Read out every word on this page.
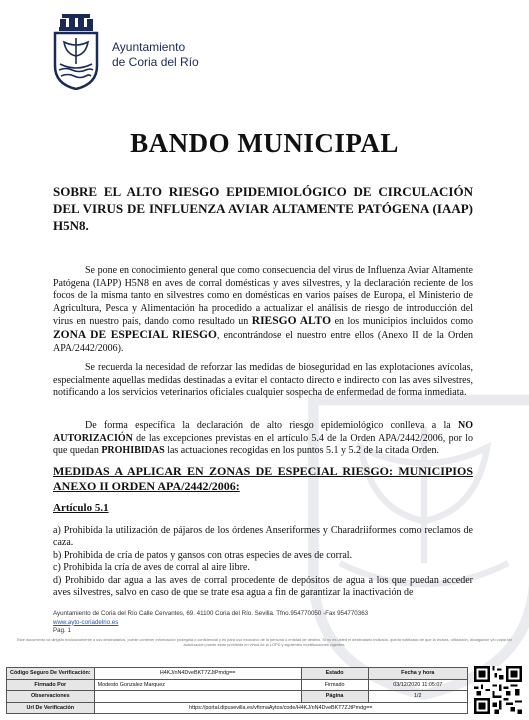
Ayuntamiento
de Coria del Río
BANDO MUNICIPAL
SOBRE EL ALTO RIESGO EPIDEMIOLÓGICO DE CIRCULACIÓN DEL VIRUS DE INFLUENZA AVIAR ALTAMENTE PATÓGENA (IAAP) H5N8.
Se pone en conocimiento general que como consecuencia del virus de Influenza Aviar Altamente Patógena (IAPP) H5N8 en aves de corral domésticas y aves silvestres, y la declaración reciente de los focos de la misma tanto en silvestres como en domésticas en varios países de Europa, el Ministerio de Agricultura, Pesca y Alimentación ha procedido a actualizar el análisis de riesgo de introducción del virus en nuestro país, dando como resultado un RIESGO ALTO en los municipios incluidos como ZONA DE ESPECIAL RIESGO, encontrándose el nuestro entre ellos (Anexo II de la Orden APA/2442/2006).
Se recuerda la necesidad de reforzar las medidas de bioseguridad en las explotaciones avícolas, especialmente aquellas medidas destinadas a evitar el contacto directo e indirecto con las aves silvestres, notificando a los servicios veterinarios oficiales cualquier sospecha de enfermedad de forma inmediata.
De forma específica la declaración de alto riesgo epidemiológico conlleva a la NO AUTORIZACIÓN de las excepciones previstas en el artículo 5.4 de la Orden APA/2442/2006, por lo que quedan PROHIBIDAS las actuaciones recogidas en los puntos 5.1 y 5.2 de la citada Orden.
MEDIDAS A APLICAR EN ZONAS DE ESPECIAL RIESGO: MUNICIPIOS ANEXO II ORDEN APA/2442/2006:
Artículo 5.1
a) Prohibida la utilización de pájaros de los órdenes Anseriformes y Charadriiformes como reclamos de caza.
b) Prohibida de cría de patos y gansos con otras especies de aves de corral.
c) Prohibida la cría de aves de corral al aire libre.
d) Prohibido dar agua a las aves de corral procedente de depósitos de agua a los que puedan acceder aves silvestres, salvo en caso de que se trate esa agua a fin de garantizar la inactivación de
Ayuntamiento de Coria del Río Calle Cervantes, 69. 41100 Coria del Río. Sevilla. Tfno.954770050 -Fax 954770363
www.ayto-coriadelrio.es
Pag. 1
Este documento va dirigido exclusivamente a sus destinatarios, puede contener información protegida o confidencial y es para uso exclusivo de la persona o entidad de destino. Si no es usted el destinatario indicado, queda notificado de que la lectura, utilización, divulgación y/o copia sin autorización puede estar prohibida en virtud de la LOPD y siguientes modificaciones vigentes.
Código Seguro De Verificación:	H4KJ/nN4DveBKT7ZJtPmdg==	Estado	Fecha y hora
Firmado Por	Modesto Gonzalez Marquez	Firmado	03/12/2020 11:05:07
Observaciones		Página	1/2
Url De Verificación	https://portal.dipusevilla.es/vfirmaAytos/code/H4KJ/nN4DveBKT7ZJtPmdg==		
